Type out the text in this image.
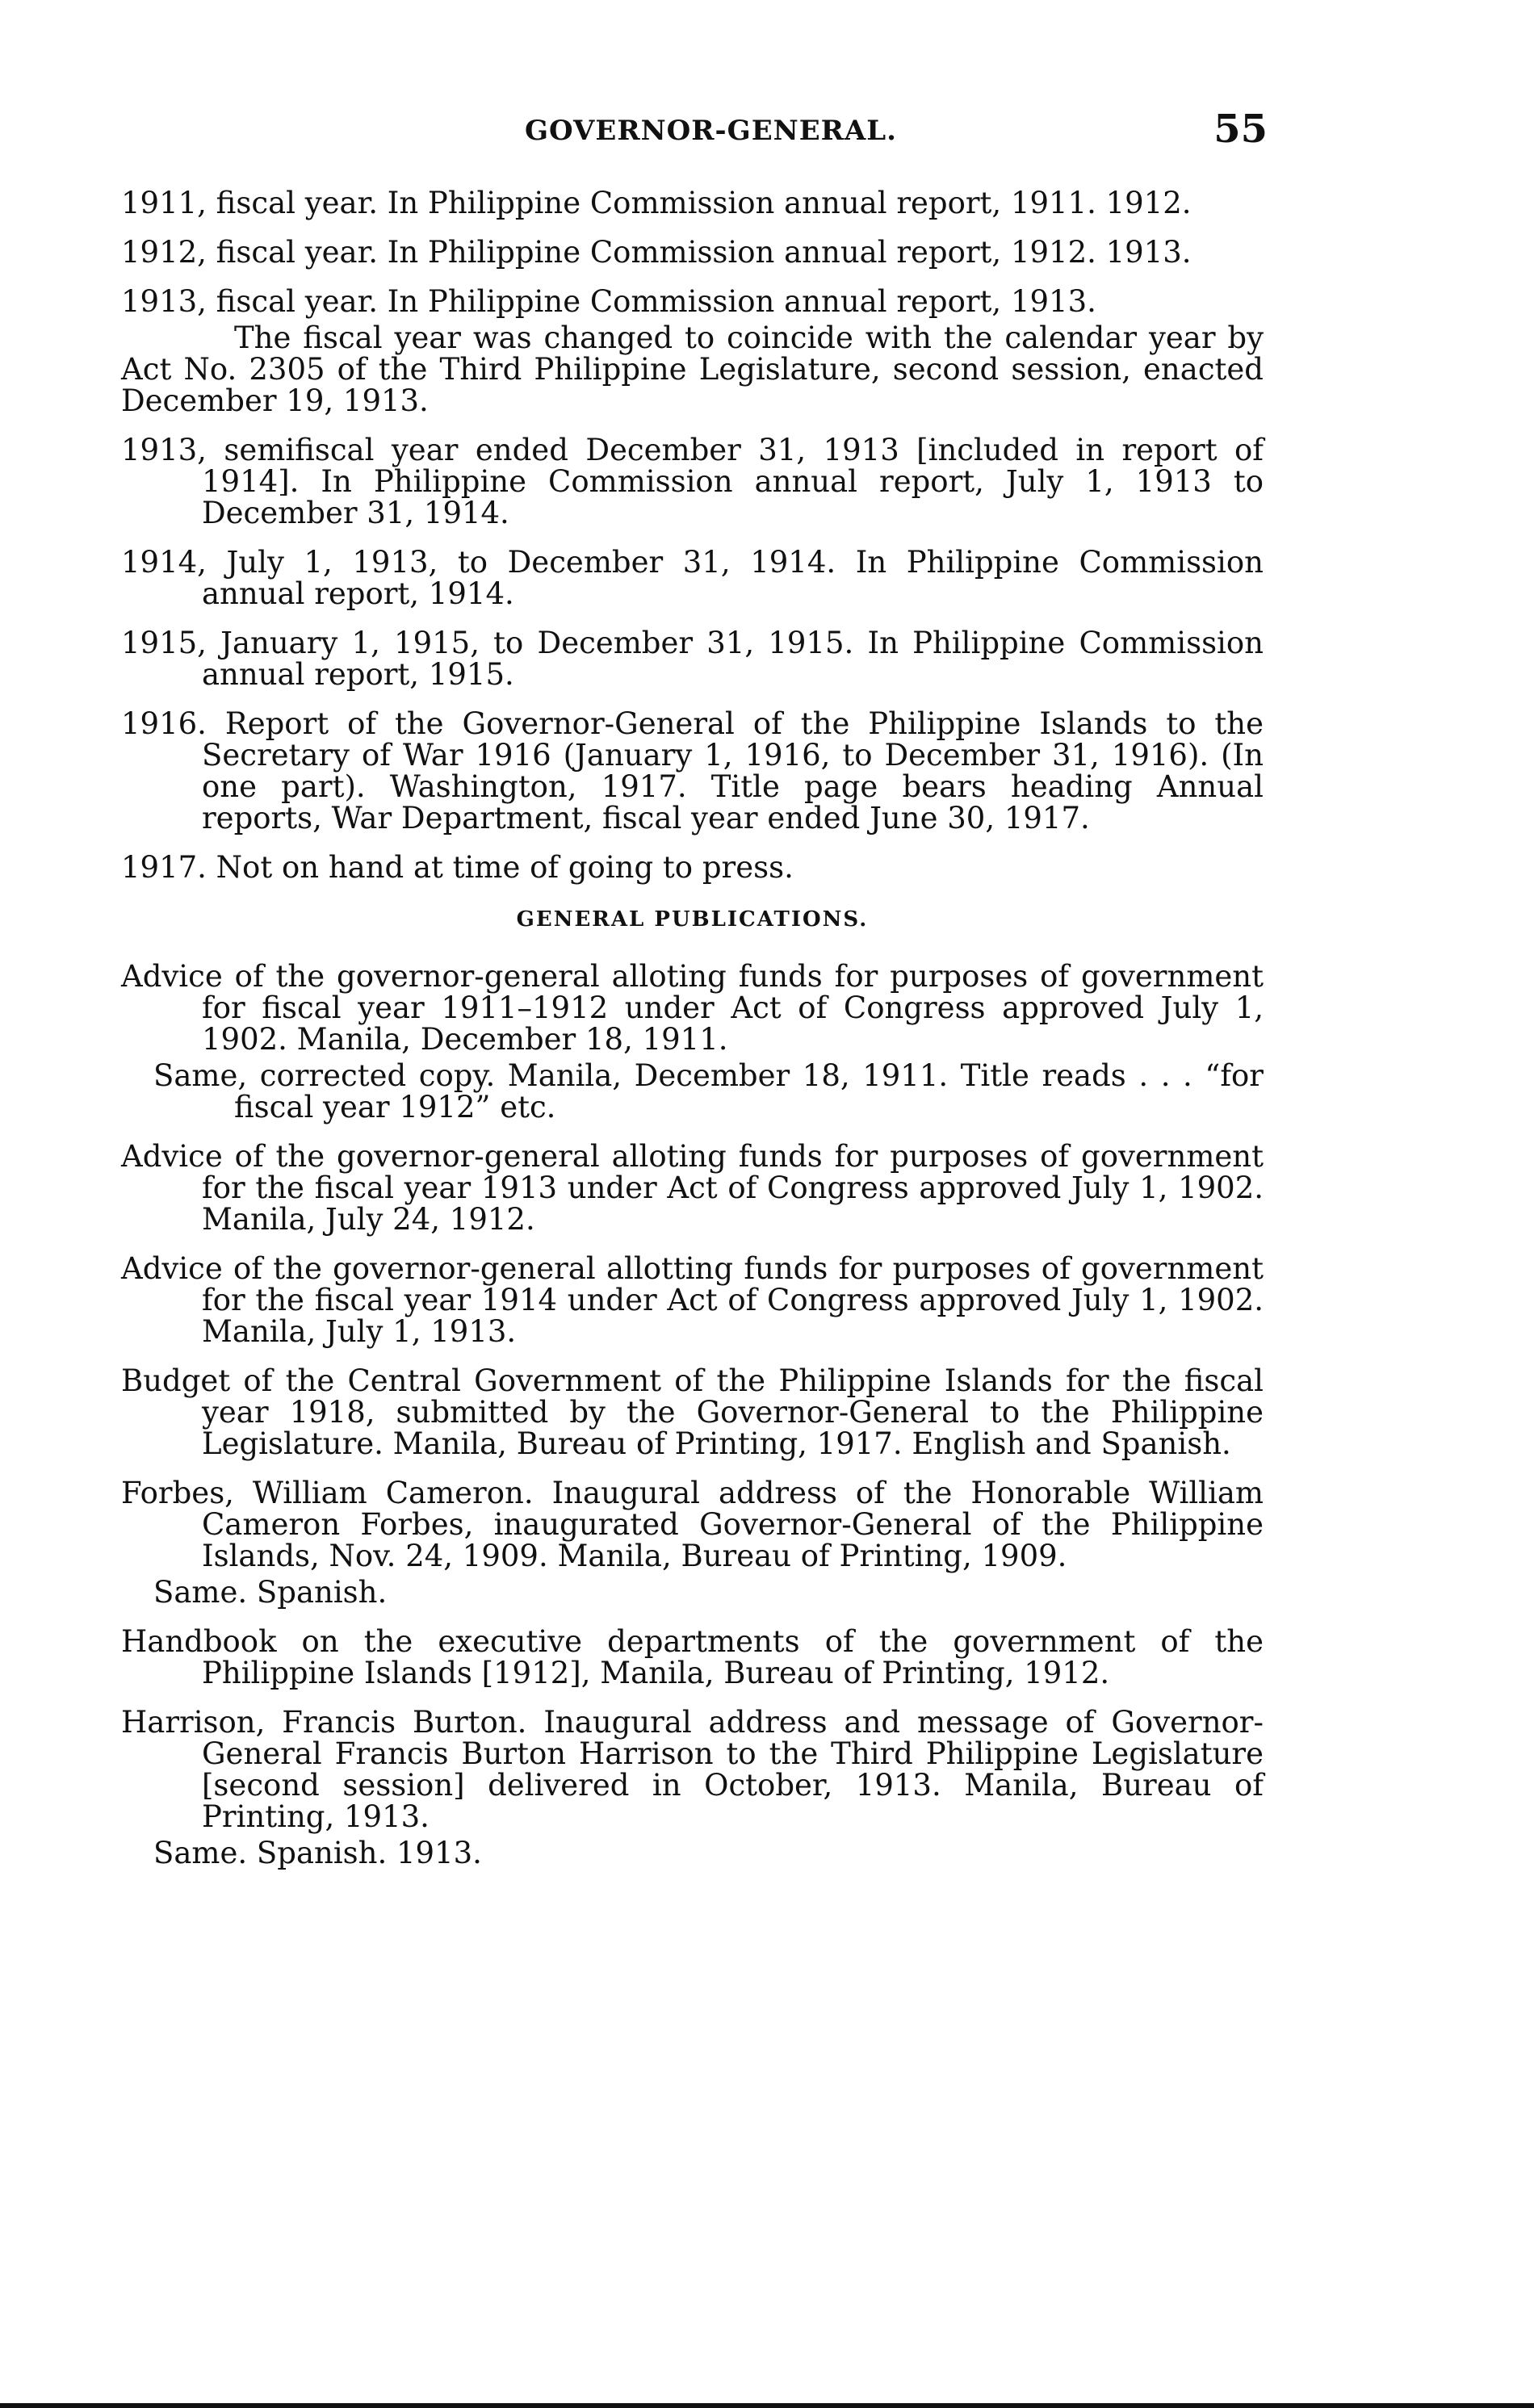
GOVERNOR-GENERAL.	55

1911, fiscal year. In Philippine Commission annual report, 1911. 1912.

1912, fiscal year. In Philippine Commission annual report, 1912. 1913.

1913, fiscal year. In Philippine Commission annual report, 1913.

The fiscal year was changed to coincide with the calendar year by Act No. 2305 of the Third Philippine Legislature, second session, enacted December 19, 1913.

1913, semifiscal year ended December 31, 1913 [included in report of 1914]. In Philippine Commission annual report, July 1, 1913 to December 31, 1914.

1914, July 1, 1913, to December 31, 1914. In Philippine Commission annual report, 1914.

1915, January 1, 1915, to December 31, 1915. In Philippine Commission annual report, 1915.

1916. Report of the Governor-General of the Philippine Islands to the Secretary of War 1916 (January 1, 1916, to December 31, 1916). (In one part). Washington, 1917. Title page bears heading Annual reports, War Department, fiscal year ended June 30, 1917.

1917. Not on hand at time of going to press.

GENERAL PUBLICATIONS.

Advice of the governor-general alloting funds for purposes of government for fiscal year 1911–1912 under Act of Congress approved July 1, 1902. Manila, December 18, 1911.

Same, corrected copy. Manila, December 18, 1911. Title reads . . . “for fiscal year 1912” etc.

Advice of the governor-general alloting funds for purposes of government for the fiscal year 1913 under Act of Congress approved July 1, 1902. Manila, July 24, 1912.

Advice of the governor-general allotting funds for purposes of government for the fiscal year 1914 under Act of Congress approved July 1, 1902. Manila, July 1, 1913.

Budget of the Central Government of the Philippine Islands for the fiscal year 1918, submitted by the Governor-General to the Philippine Legislature. Manila, Bureau of Printing, 1917. English and Spanish.

Forbes, William Cameron. Inaugural address of the Honorable William Cameron Forbes, inaugurated Governor-General of the Philippine Islands, Nov. 24, 1909. Manila, Bureau of Printing, 1909.

Same. Spanish.

Handbook on the executive departments of the government of the Philippine Islands [1912], Manila, Bureau of Printing, 1912.

Harrison, Francis Burton. Inaugural address and message of Governor-General Francis Burton Harrison to the Third Philippine Legislature [second session] delivered in October, 1913. Manila, Bureau of Printing, 1913.

Same. Spanish. 1913.
